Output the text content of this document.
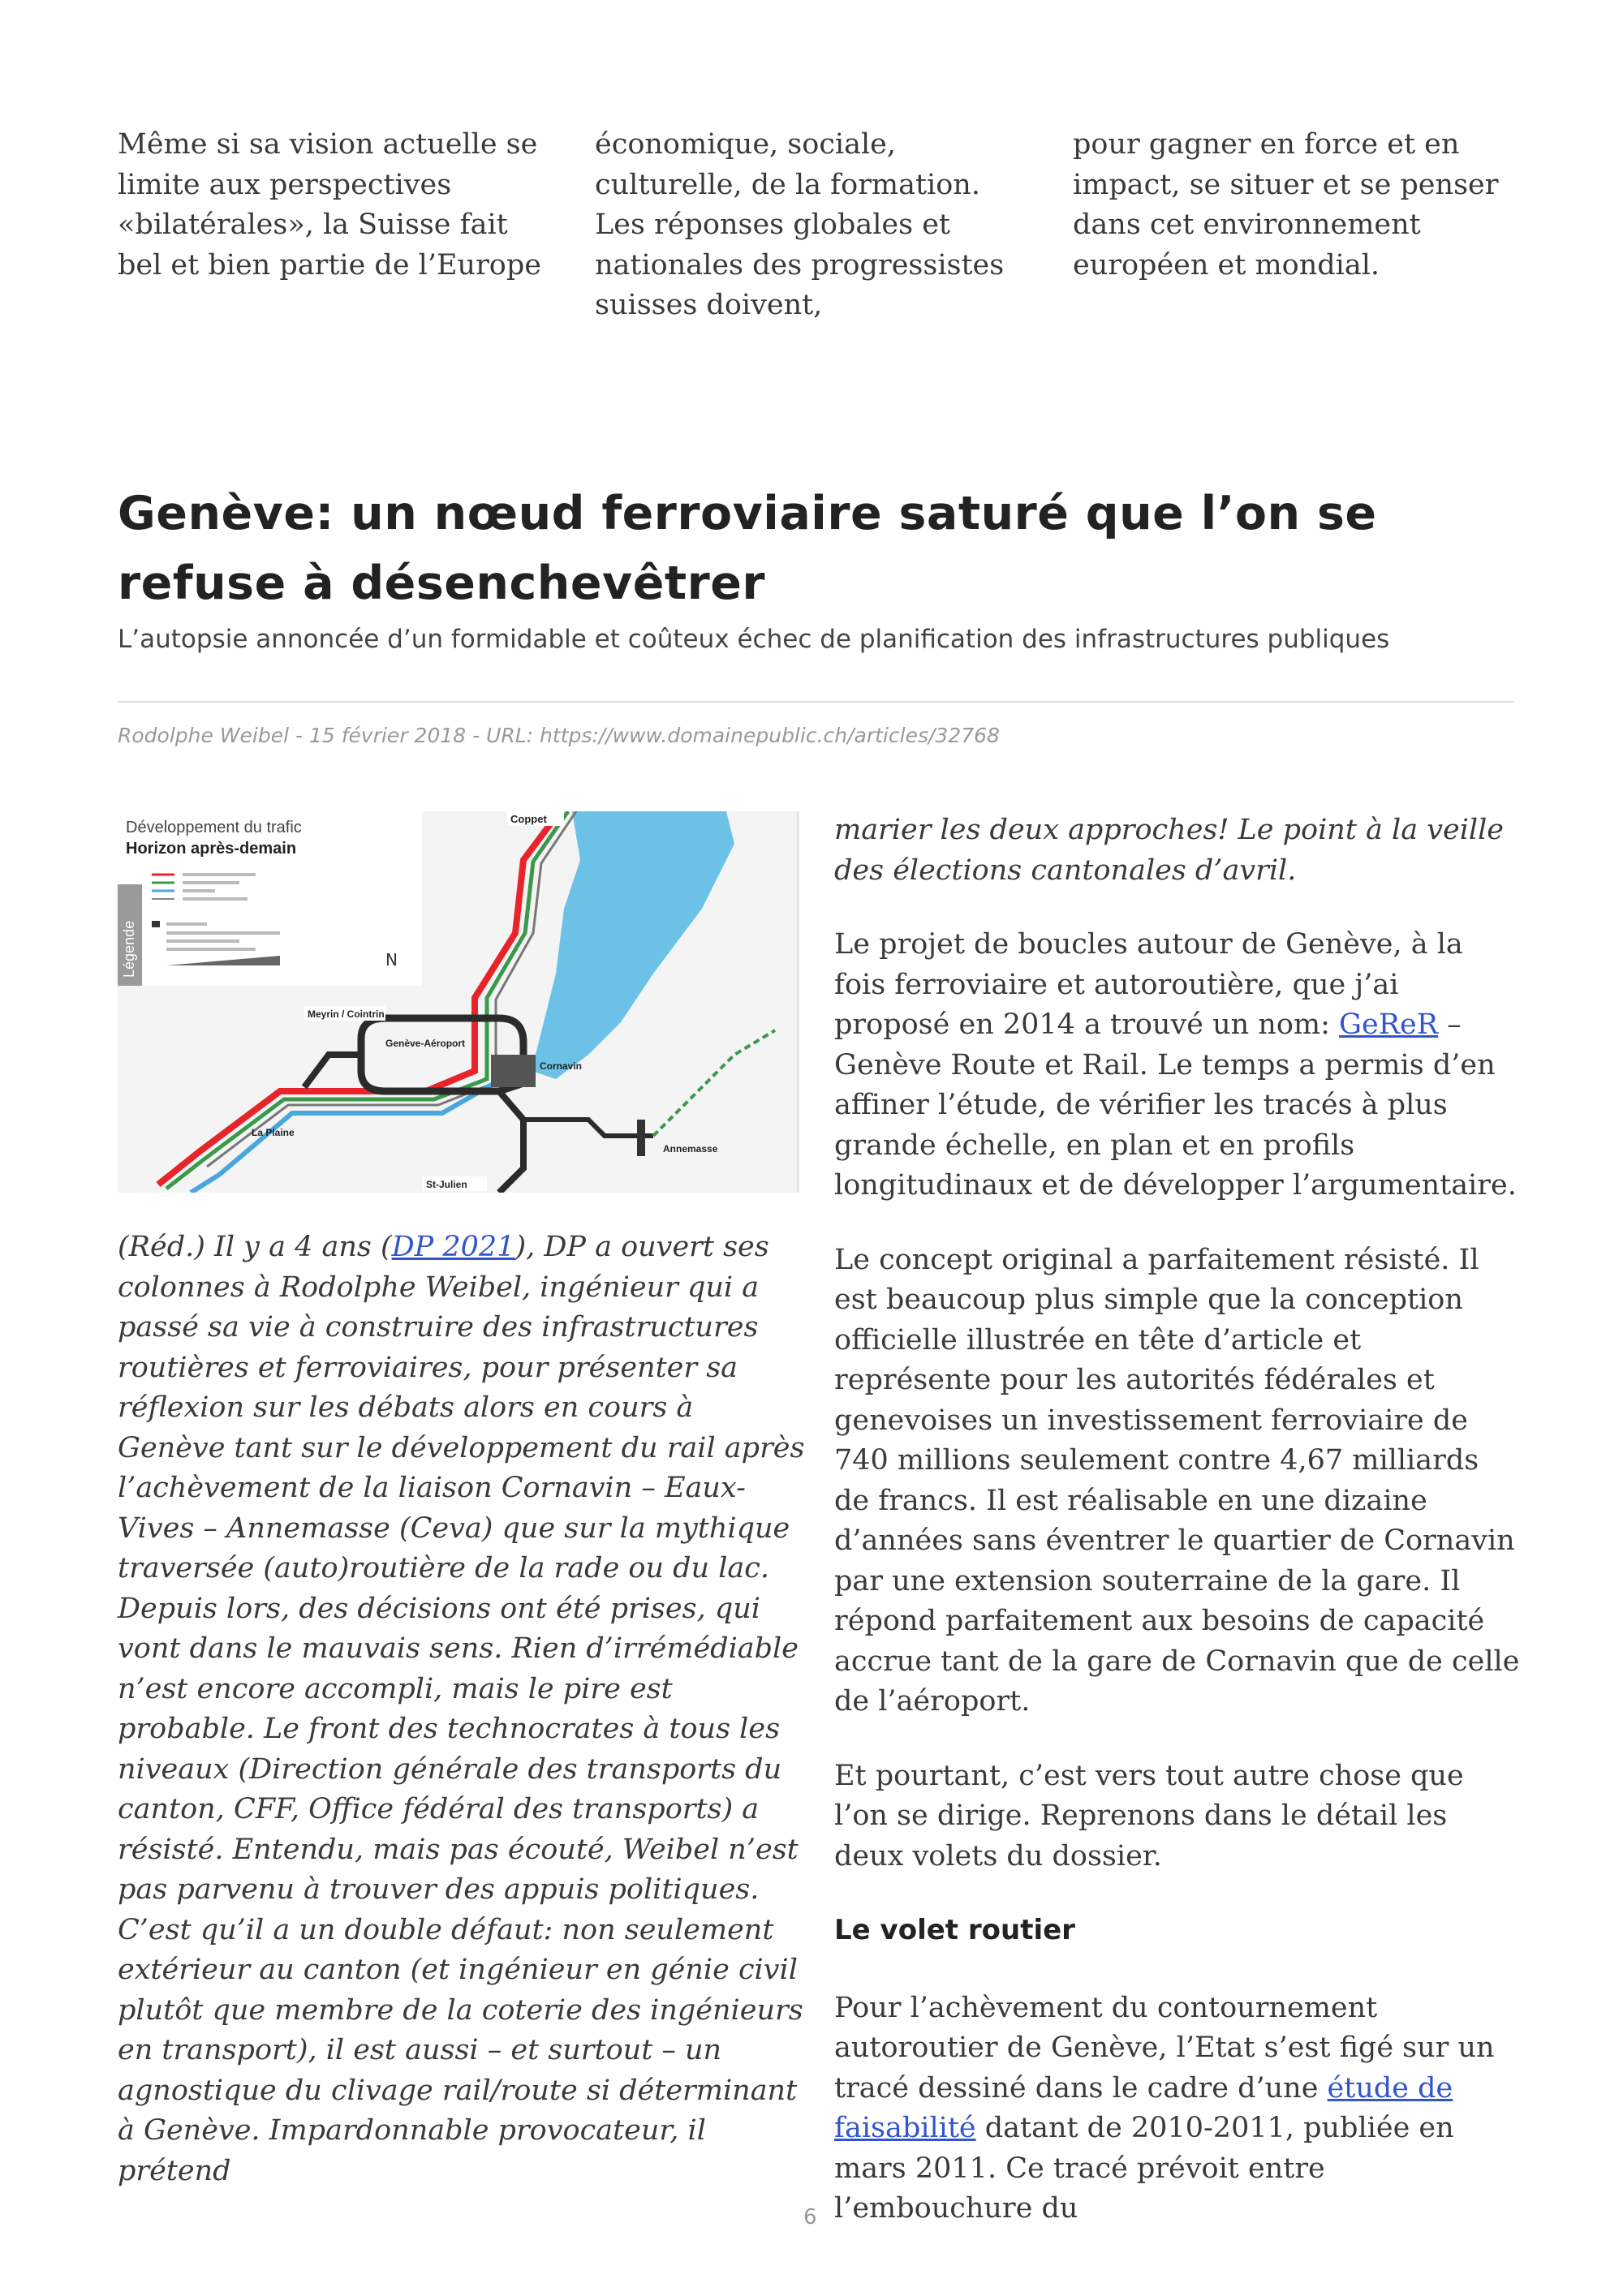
Même si sa vision actuelle se limite aux perspectives «bilatérales», la Suisse fait bel et bien partie de l’Europe

économique, sociale, culturelle, de la formation. Les réponses globales et nationales des progressistes suisses doivent,

pour gagner en force et en impact, se situer et se penser dans cet environnement européen et mondial.

Genève: un nœud ferroviaire saturé que l’on se refuse à désenchevêtrer
L’autopsie annoncée d’un formidable et coûteux échec de planification des infrastructures publiques
Rodolphe Weibel - 15 février 2018 - URL: https://www.domainepublic.ch/articles/32768
Légende
Développement du trafic
Horizon après-demain
N
Coppet
Meyrin / Cointrin
Genève-Aéroport
Cornavin
La Plaine
Annemasse
St-Julien

(Réd.) Il y a 4 ans (DP 2021), DP a ouvert ses colonnes à Rodolphe Weibel, ingénieur qui a passé sa vie à construire des infrastructures routières et ferroviaires, pour présenter sa réflexion sur les débats alors en cours à Genève tant sur le développement du rail après l’achèvement de la liaison Cornavin – Eaux-Vives – Annemasse (Ceva) que sur la mythique traversée (auto)routière de la rade ou du lac. Depuis lors, des décisions ont été prises, qui vont dans le mauvais sens. Rien d’irrémédiable n’est encore accompli, mais le pire est probable. Le front des technocrates à tous les niveaux (Direction générale des transports du canton, CFF, Office fédéral des transports) a résisté. Entendu, mais pas écouté, Weibel n’est pas parvenu à trouver des appuis politiques. C’est qu’il a un double défaut: non seulement extérieur au canton (et ingénieur en génie civil plutôt que membre de la coterie des ingénieurs en transport), il est aussi – et surtout – un agnostique du clivage rail/route si déterminant à Genève. Impardonnable provocateur, il prétend

marier les deux approches! Le point à la veille des élections cantonales d’avril.

Le projet de boucles autour de Genève, à la fois ferroviaire et autoroutière, que j’ai proposé en 2014 a trouvé un nom: GeReR – Genève Route et Rail. Le temps a permis d’en affiner l’étude, de vérifier les tracés à plus grande échelle, en plan et en profils longitudinaux et de développer l’argumentaire.

Le concept original a parfaitement résisté. Il est beaucoup plus simple que la conception officielle illustrée en tête d’article et représente pour les autorités fédérales et genevoises un investissement ferroviaire de 740 millions seulement contre 4,67 milliards de francs. Il est réalisable en une dizaine d’années sans éventrer le quartier de Cornavin par une extension souterraine de la gare. Il répond parfaitement aux besoins de capacité accrue tant de la gare de Cornavin que de celle de l’aéroport.

Et pourtant, c’est vers tout autre chose que l’on se dirige. Reprenons dans le détail les deux volets du dossier.

Le volet routier

Pour l’achèvement du contournement autoroutier de Genève, l’Etat s’est figé sur un tracé dessiné dans le cadre d’une étude de faisabilité datant de 2010-2011, publiée en mars 2011. Ce tracé prévoit entre l’embouchure du

6
